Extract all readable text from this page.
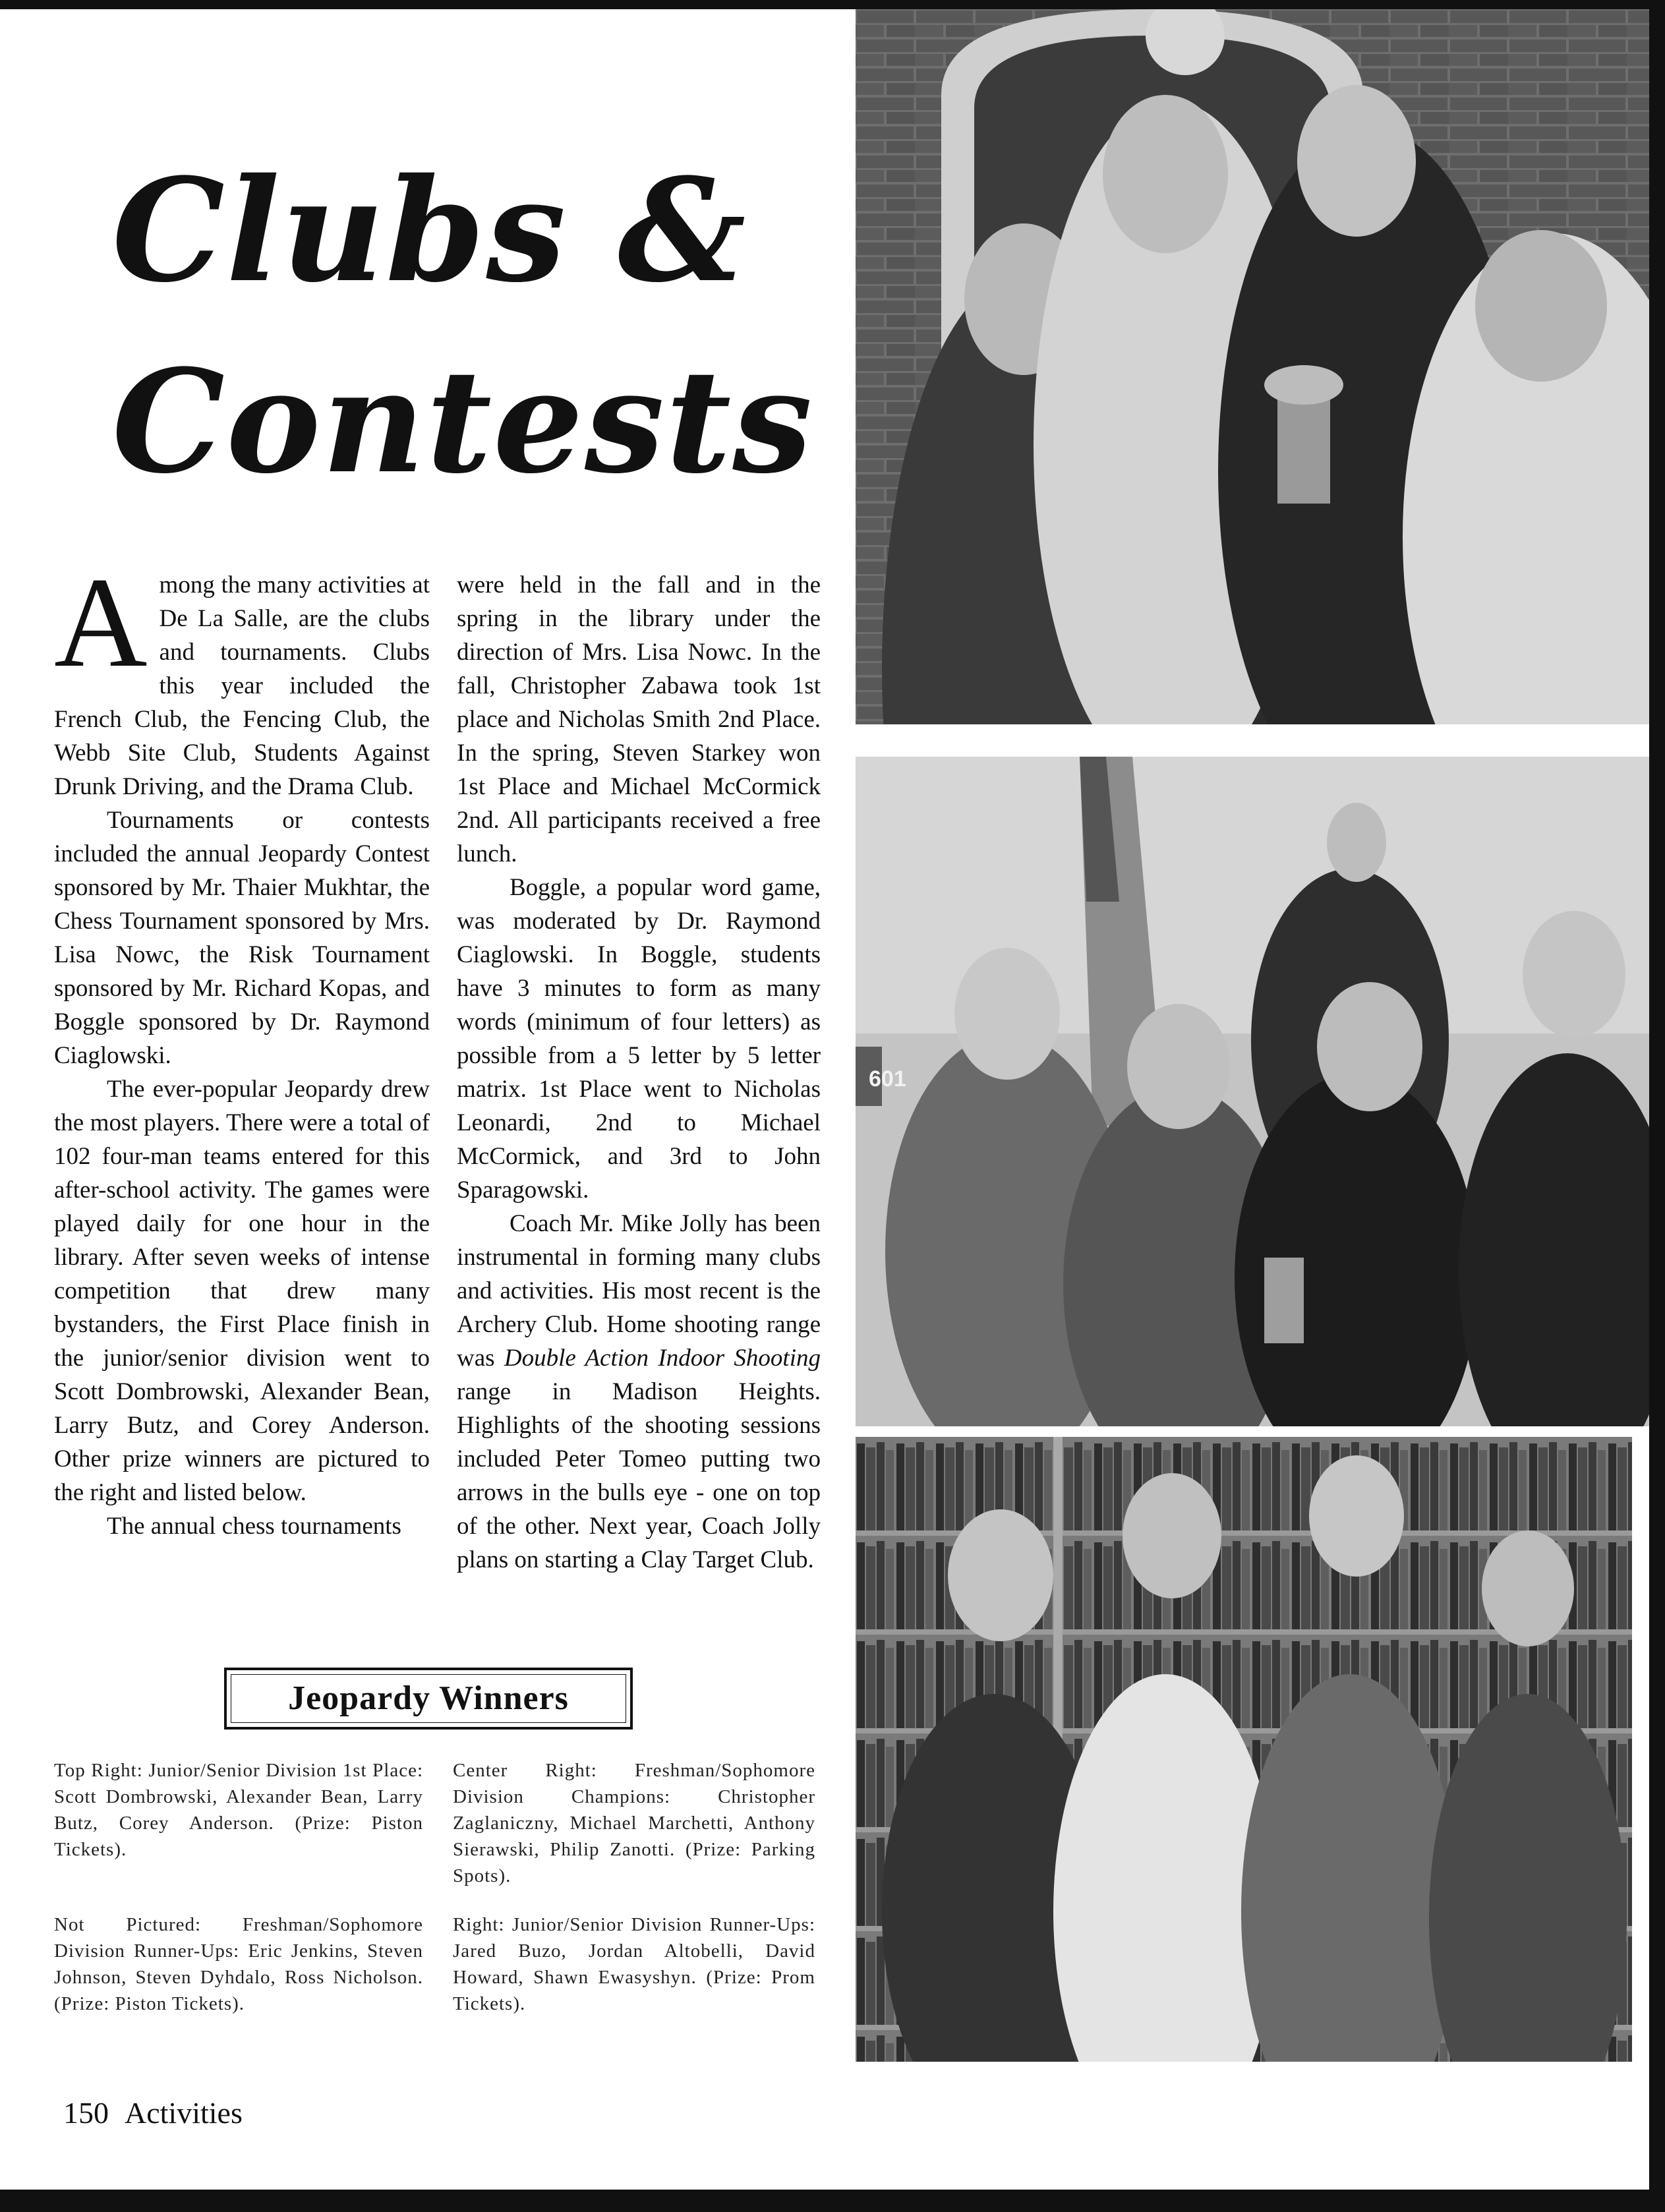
Clubs &
Contests

Among the many activities at De La Salle, are the clubs and tournaments. Clubs this year included the French Club, the Fencing Club, the Webb Site Club, Students Against Drunk Driving, and the Drama Club.

Tournaments or contests included the annual Jeopardy Contest sponsored by Mr. Thaier Mukhtar, the Chess Tournament sponsored by Mrs. Lisa Nowc, the Risk Tournament sponsored by Mr. Richard Kopas, and Boggle sponsored by Dr. Raymond Ciaglowski.

The ever-popular Jeopardy drew the most players. There were a total of 102 four-man teams entered for this after-school activity. The games were played daily for one hour in the library. After seven weeks of intense competition that drew many bystanders, the First Place finish in the junior/senior division went to Scott Dombrowski, Alexander Bean, Larry Butz, and Corey Anderson. Other prize winners are pictured to the right and listed below.

The annual chess tournaments

were held in the fall and in the spring in the library under the direction of Mrs. Lisa Nowc. In the fall, Christopher Zabawa took 1st place and Nicholas Smith 2nd Place. In the spring, Steven Starkey won 1st Place and Michael McCormick 2nd. All participants received a free lunch.

Boggle, a popular word game, was moderated by Dr. Raymond Ciaglowski. In Boggle, students have 3 minutes to form as many words (minimum of four letters) as possible from a 5 letter by 5 letter matrix. 1st Place went to Nicholas Leonardi, 2nd to Michael McCormick, and 3rd to John Sparagowski.

Coach Mr. Mike Jolly has been instrumental in forming many clubs and activities. His most recent is the Archery Club. Home shooting range was Double Action Indoor Shooting range in Madison Heights. Highlights of the shooting sessions included Peter Tomeo putting two arrows in the bulls eye - one on top of the other. Next year, Coach Jolly plans on starting a Clay Target Club.

Jeopardy Winners

Top Right: Junior/Senior Division 1st Place: Scott Dombrowski, Alexander Bean, Larry Butz, Corey Anderson. (Prize: Piston Tickets).

Center Right: Freshman/Sophomore Division Champions: Christopher Zaglaniczny, Michael Marchetti, Anthony Sierawski, Philip Zanotti. (Prize: Parking Spots).

Not Pictured: Freshman/Sophomore Division Runner-Ups: Eric Jenkins, Steven Johnson, Steven Dyhdalo, Ross Nicholson. (Prize: Piston Tickets).

Right: Junior/Senior Division Runner-Ups: Jared Buzo, Jordan Altobelli, David Howard, Shawn Ewasyshyn. (Prize: Prom Tickets).

601
150 Activities
